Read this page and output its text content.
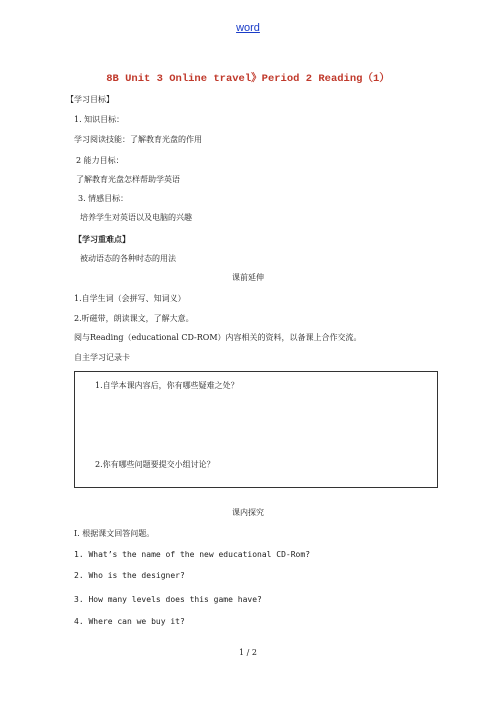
word
8B Unit 3 Online travel》Period 2 Reading（1）
【学习目标】
1. 知识目标：
学习阅读技能：了解教育光盘的作用
2 能力目标：
了解教育光盘怎样帮助学英语
3. 情感目标：
培养学生对英语以及电脑的兴趣
【学习重难点】
被动语态的各种时态的用法
课前延伸
1.自学生词（会拼写、知词义）
2.听磁带，朗读课文，了解大意。
阅与Reading（educational CD-ROM）内容相关的资料，以备课上合作交流。
自主学习记录卡
1.自学本课内容后，你有哪些疑难之处？
2.你有哪些问题要提交小组讨论？
课内探究
Ⅰ. 根据课文回答问题。
1. What’s the name of the new educational CD-Rom?
2. Who is the designer?
3. How many levels does this game have?
4. Where can we buy it?
1 / 2
